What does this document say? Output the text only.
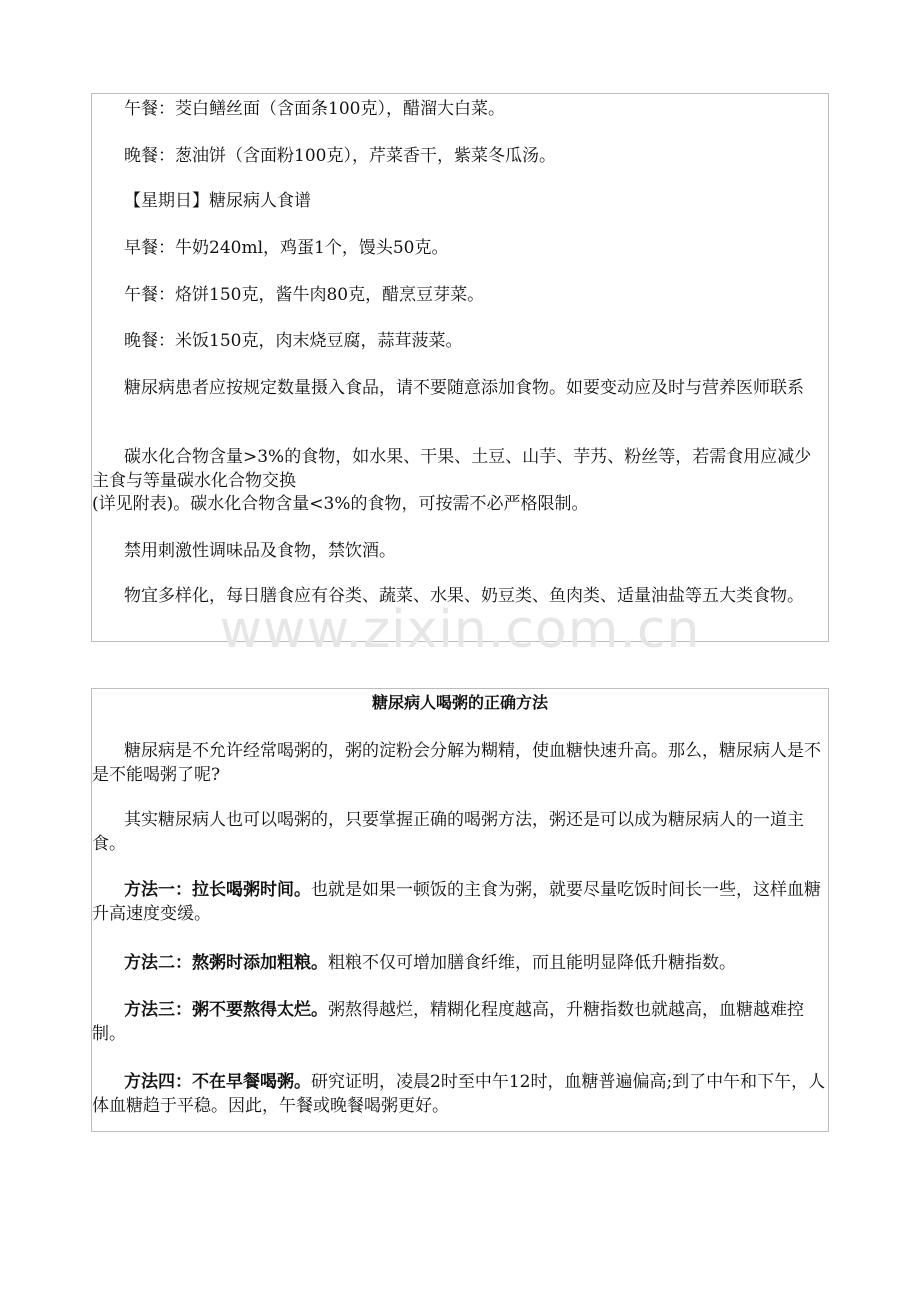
午餐：茭白鳝丝面（含面条100克），醋溜大白菜。

晚餐：葱油饼（含面粉100克），芹菜香干，紫菜冬瓜汤。

【星期日】糖尿病人食谱

早餐：牛奶240ml，鸡蛋1个，馒头50克。

午餐：烙饼150克，酱牛肉80克，醋烹豆芽菜。

晚餐：米饭150克，肉末烧豆腐，蒜茸菠菜。

糖尿病患者应按规定数量摄入食品，请不要随意添加食物。如要变动应及时与营养医师联系

碳水化合物含量>3%的食物，如水果、干果、土豆、山芋、芋艿、粉丝等，若需食用应减少主食与等量碳水化合物交换

(详见附表)。碳水化合物含量<3%的食物，可按需不必严格限制。

禁用刺激性调味品及食物，禁饮酒。

物宜多样化，每日膳食应有谷类、蔬菜、水果、奶豆类、鱼肉类、适量油盐等五大类食物。

www.zixin.com.cn
糖尿病人喝粥的正确方法

糖尿病是不允许经常喝粥的，粥的淀粉会分解为糊精，使血糖快速升高。那么，糖尿病人是不是不能喝粥了呢?

其实糖尿病人也可以喝粥的，只要掌握正确的喝粥方法，粥还是可以成为糖尿病人的一道主食。

方法一：拉长喝粥时间。也就是如果一顿饭的主食为粥，就要尽量吃饭时间长一些，这样血糖升高速度变缓。

方法二：熬粥时添加粗粮。粗粮不仅可增加膳食纤维，而且能明显降低升糖指数。

方法三：粥不要熬得太烂。粥熬得越烂，精糊化程度越高，升糖指数也就越高，血糖越难控制。

方法四：不在早餐喝粥。研究证明，凌晨2时至中午12时，血糖普遍偏高;到了中午和下午，人体血糖趋于平稳。因此，午餐或晚餐喝粥更好。
